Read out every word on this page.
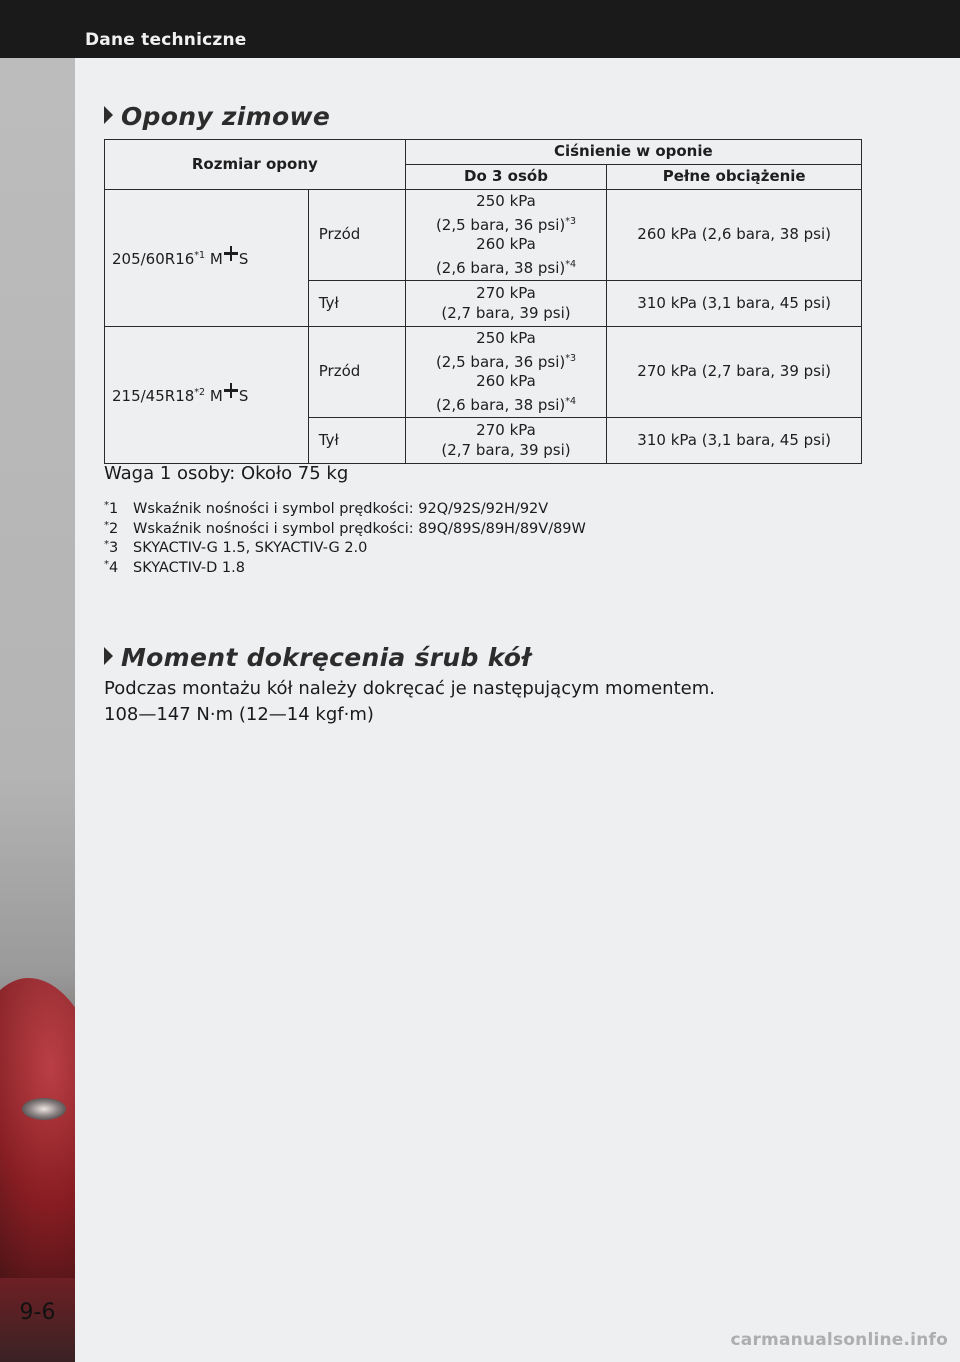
Dane techniczne
9-6
Opony zimowe
Rozmiar opony		Ciśnienie w oponie	
		Do 3 osób	Pełne obciążenie
205/60R16$^{*1}$ M S	Przód	250 kPa
(2,5 bara, 36 psi)$^{*3}$
260 kPa
(2,6 bara, 38 psi)$^{*4}$	260 kPa (2,6 bara, 38 psi)
	Tył	270 kPa
(2,7 bara, 39 psi)	310 kPa (3,1 bara, 45 psi)
215/45R18$^{*2}$ M S	Przód	250 kPa
(2,5 bara, 36 psi)$^{*3}$
260 kPa
(2,6 bara, 38 psi)$^{*4}$	270 kPa (2,7 bara, 39 psi)
	Tył	270 kPa
(2,7 bara, 39 psi)	310 kPa (3,1 bara, 45 psi)
Waga 1 osoby: Około 75 kg
*1 Wskaźnik nośności i symbol prędkości: 92Q/92S/92H/92V
*2 Wskaźnik nośności i symbol prędkości: 89Q/89S/89H/89V/89W
*3 SKYACTIV-G 1.5, SKYACTIV-G 2.0
*4 SKYACTIV-D 1.8
Moment dokręcenia śrub kół
Podczas montażu kół należy dokręcać je następującym momentem.
108—147 N·m (12—14 kgf·m)
carmanualsonline.info
